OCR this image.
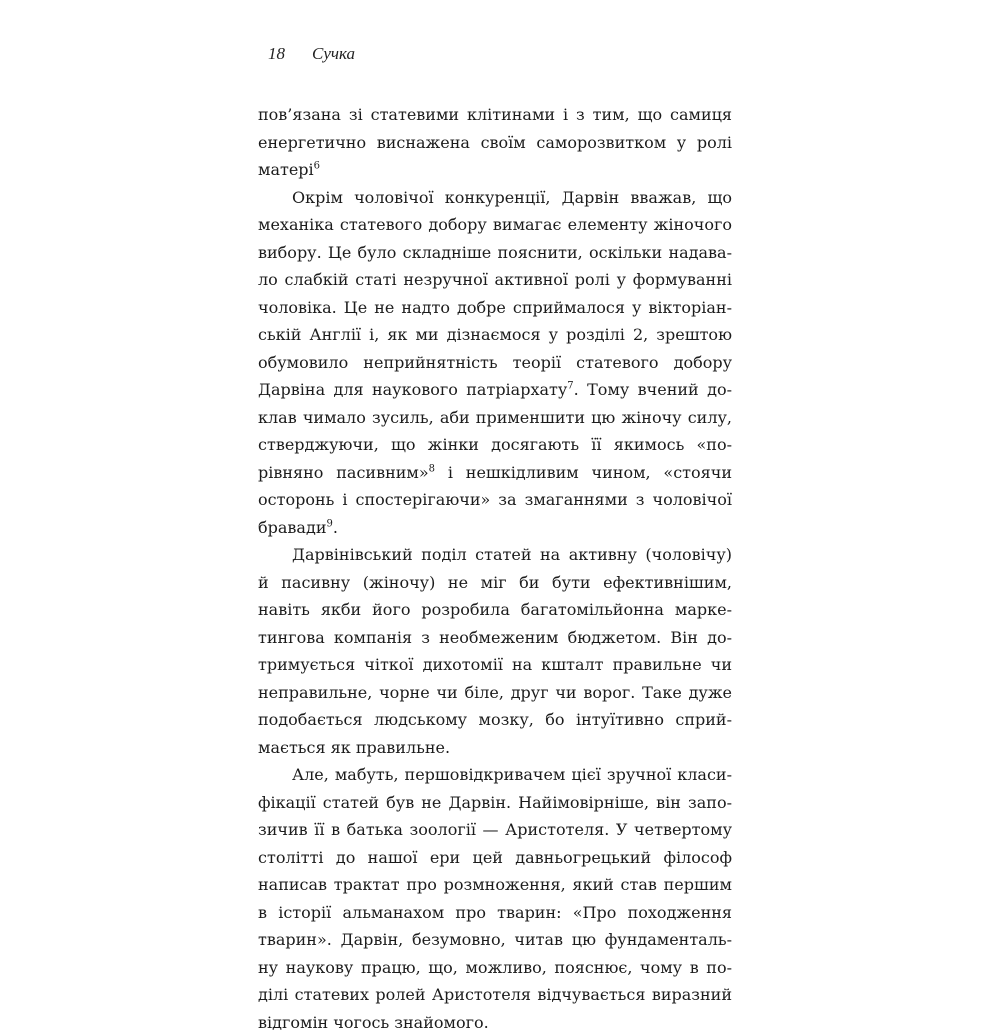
18 Сучка
пов’язана зі статевими клітинами і з тим, що самиця
енергетично виснажена своїм саморозвитком у ролі
матері$^6$
Окрім чоловічої конкуренції, Дарвін вважав, що
механіка статевого добору вимагає елементу жіночого
вибору. Це було складніше пояснити, оскільки надава-
ло слабкій статі незручної активної ролі у формуванні
чоловіка. Це не надто добре сприймалося у вікторіан-
ській Англії і, як ми дізнаємося у розділі 2, зрештою
обумовило неприйнятність теорії статевого добору
Дарвіна для наукового патріархату$^7$. Тому вчений до-
клав чимало зусиль, аби применшити цю жіночу силу,
стверджуючи, що жінки досягають її якимось «по-
рівняно пасивним»$^8$ і нешкідливим чином, «стоячи
осторонь і спостерігаючи» за змаганнями з чоловічої
бравади$^9$.
Дарвінівський поділ статей на активну (чоловічу)
й пасивну (жіночу) не міг би бути ефективнішим,
навіть якби його розробила багатомільйонна марке-
тингова компанія з необмеженим бюджетом. Він до-
тримується чіткої дихотомії на кшталт правильне чи
неправильне, чорне чи біле, друг чи ворог. Таке дуже
подобається людському мозку, бо інтуїтивно сприй-
мається як правильне.
Але, мабуть, першовідкривачем цієї зручної класи-
фікації статей був не Дарвін. Найімовірніше, він запо-
зичив її в батька зоології — Аристотеля. У четвертому
столітті до нашої ери цей давньогрецький філософ
написав трактат про розмноження, який став першим
в історії альманахом про тварин: «Про походження
тварин». Дарвін, безумовно, читав цю фундаменталь-
ну наукову працю, що, можливо, пояснює, чому в по-
ділі статевих ролей Аристотеля відчувається виразний
відгомін чогось знайомого.
